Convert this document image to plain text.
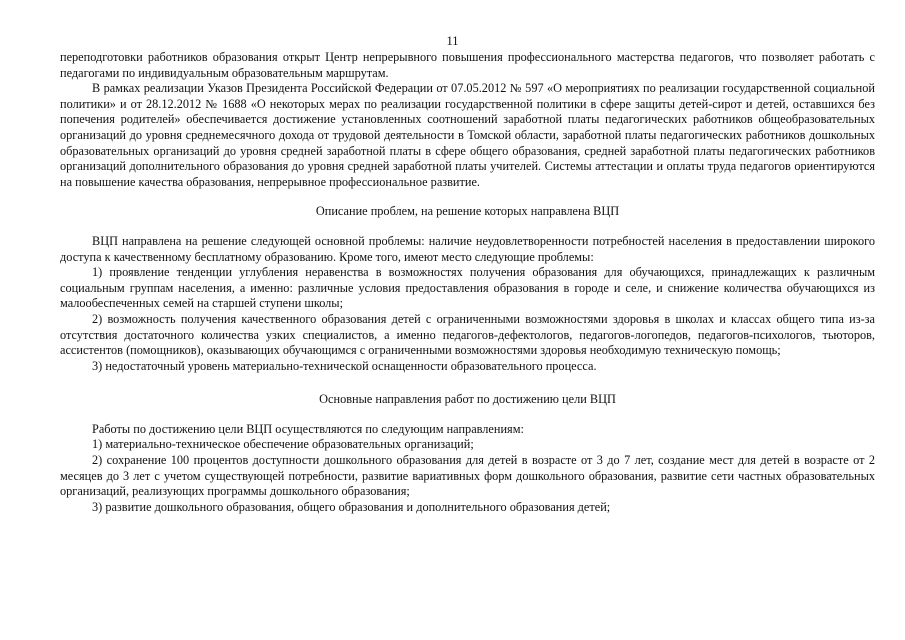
11

переподготовки работников образования открыт Центр непрерывного повышения профессионального мастерства педагогов, что позволяет работать с педагогами по индивидуальным образовательным маршрутам.

В рамках реализации Указов Президента Российской Федерации от 07.05.2012 № 597 «О мероприятиях по реализации государственной социальной политики» и от 28.12.2012 № 1688 «О некоторых мерах по реализации государственной политики в сфере защиты детей-сирот и детей, оставшихся без попечения родителей» обеспечивается достижение установленных соотношений заработной платы педагогических работников общеобразовательных организаций до уровня среднемесячного дохода от трудовой деятельности в Томской области, заработной платы педагогических работников дошкольных образовательных организаций до уровня средней заработной платы в сфере общего образования, средней заработной платы педагогических работников организаций дополнительного образования до уровня средней заработной платы учителей. Системы аттестации и оплаты труда педагогов ориентируются на повышение качества образования, непрерывное профессиональное развитие.

Описание проблем, на решение которых направлена ВЦП

ВЦП направлена на решение следующей основной проблемы: наличие неудовлетворенности потребностей населения в предоставлении широкого доступа к качественному бесплатному образованию. Кроме того, имеют место следующие проблемы:

1) проявление тенденции углубления неравенства в возможностях получения образования для обучающихся, принадлежащих к различным социальным группам населения, а именно: различные условия предоставления образования в городе и селе, и снижение количества обучающихся из малообеспеченных семей на старшей ступени школы;

2) возможность получения качественного образования детей с ограниченными возможностями здоровья в школах и классах общего типа из-за отсутствия достаточного количества узких специалистов, а именно педагогов-дефектологов, педагогов-логопедов, педагогов-психологов, тьюторов, ассистентов (помощников), оказывающих обучающимся с ограниченными возможностями здоровья необходимую техническую помощь;

3) недостаточный уровень материально-технической оснащенности образовательного процесса.

Основные направления работ по достижению цели ВЦП

Работы по достижению цели ВЦП осуществляются по следующим направлениям:

1) материально-техническое обеспечение образовательных организаций;

2) сохранение 100 процентов доступности дошкольного образования для детей в возрасте от 3 до 7 лет, создание мест для детей в возрасте от 2 месяцев до 3 лет с учетом существующей потребности, развитие вариативных форм дошкольного образования, развитие сети частных образовательных организаций, реализующих программы дошкольного образования;

3) развитие дошкольного образования, общего образования и дополнительного образования детей;
